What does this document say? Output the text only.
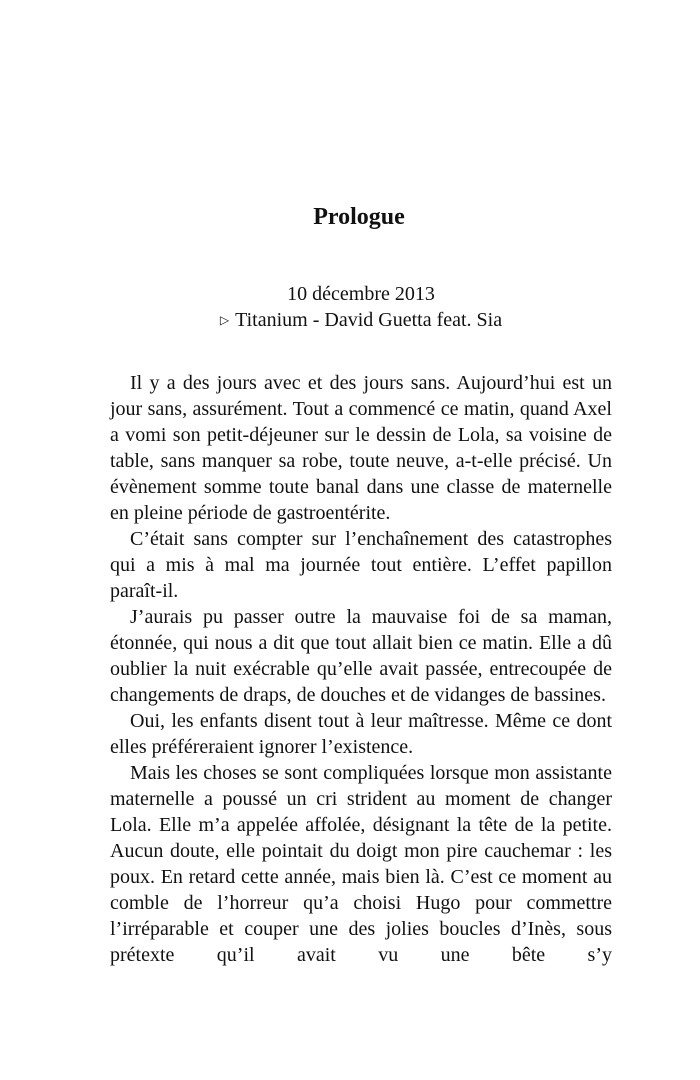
Prologue
10 décembre 2013
▷ Titanium - David Guetta feat. Sia

Il y a des jours avec et des jours sans. Aujourd’hui est un jour sans, assurément. Tout a commencé ce matin, quand Axel a vomi son petit-déjeuner sur le dessin de Lola, sa voisine de table, sans manquer sa robe, toute neuve, a-t-elle précisé. Un évènement somme toute banal dans une classe de maternelle en pleine période de gastroentérite.

C’était sans compter sur l’enchaînement des catastrophes qui a mis à mal ma journée tout entière. L’effet papillon paraît-il.

J’aurais pu passer outre la mauvaise foi de sa maman, étonnée, qui nous a dit que tout allait bien ce matin. Elle a dû oublier la nuit exécrable qu’elle avait passée, entrecoupée de changements de draps, de douches et de vidanges de bassines.

Oui, les enfants disent tout à leur maîtresse. Même ce dont elles préféreraient ignorer l’existence.

Mais les choses se sont compliquées lorsque mon assistante maternelle a poussé un cri strident au moment de changer Lola. Elle m’a appelée affolée, désignant la tête de la petite. Aucun doute, elle pointait du doigt mon pire cauchemar : les poux. En retard cette année, mais bien là. C’est ce moment au comble de l’horreur qu’a choisi Hugo pour commettre l’irréparable et couper une des jolies boucles d’Inès, sous prétexte qu’il avait vu une bête s’y
